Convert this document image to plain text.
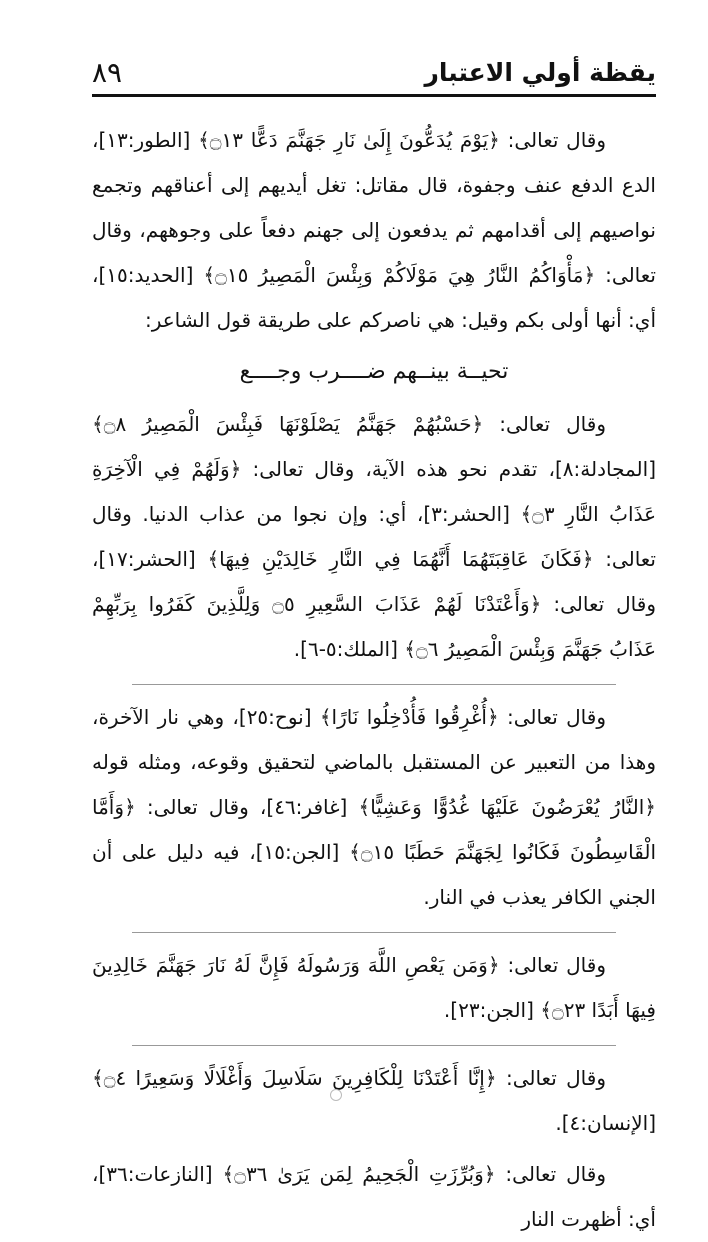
يقظة أولي الاعتبار
٨٩

وقال تعالى: ﴿يَوْمَ يُدَعُّونَ إِلَىٰ نَارِ جَهَنَّمَ دَعًّا ۝١٣﴾ [الطور:١٣]، الدع الدفع عنف وجفوة، قال مقاتل: تغل أيديهم إلى أعناقهم وتجمع نواصيهم إلى أقدامهم ثم يدفعون إلى جهنم دفعاً على وجوههم، وقال تعالى: ﴿مَأْوَاكُمُ النَّارُ هِيَ مَوْلَاكُمْ وَبِئْسَ الْمَصِيرُ ۝١٥﴾ [الحديد:١٥]، أي: أنها أولى بكم وقيل: هي ناصركم على طريقة قول الشاعر:

تحيــة بينــهم ضــــرب وجــــع

وقال تعالى: ﴿حَسْبُهُمْ جَهَنَّمُ يَصْلَوْنَهَا فَبِئْسَ الْمَصِيرُ ۝٨﴾ [المجادلة:٨]، تقدم نحو هذه الآية، وقال تعالى: ﴿وَلَهُمْ فِي الْآخِرَةِ عَذَابُ النَّارِ ۝٣﴾ [الحشر:٣]، أي: وإن نجوا من عذاب الدنيا. وقال تعالى: ﴿فَكَانَ عَاقِبَتَهُمَا أَنَّهُمَا فِي النَّارِ خَالِدَيْنِ فِيهَا﴾ [الحشر:١٧]، وقال تعالى: ﴿وَأَعْتَدْنَا لَهُمْ عَذَابَ السَّعِيرِ ۝٥ وَلِلَّذِينَ كَفَرُوا بِرَبِّهِمْ عَذَابُ جَهَنَّمَ وَبِئْسَ الْمَصِيرُ ۝٦﴾ [الملك:٥-٦].

وقال تعالى: ﴿أُغْرِقُوا فَأُدْخِلُوا نَارًا﴾ [نوح:٢٥]، وهي نار الآخرة، وهذا من التعبير عن المستقبل بالماضي لتحقيق وقوعه، ومثله قوله ﴿النَّارُ يُعْرَضُونَ عَلَيْهَا غُدُوًّا وَعَشِيًّا﴾ [غافر:٤٦]، وقال تعالى: ﴿وَأَمَّا الْقَاسِطُونَ فَكَانُوا لِجَهَنَّمَ حَطَبًا ۝١٥﴾ [الجن:١٥]، فيه دليل على أن الجني الكافر يعذب في النار.

وقال تعالى: ﴿وَمَن يَعْصِ اللَّهَ وَرَسُولَهُ فَإِنَّ لَهُ نَارَ جَهَنَّمَ خَالِدِينَ فِيهَا أَبَدًا ۝٢٣﴾ [الجن:٢٣].

وقال تعالى: ﴿إِنَّا أَعْتَدْنَا لِلْكَافِرِينَ سَلَاسِلَ وَأَغْلَالًا وَسَعِيرًا ۝٤﴾ [الإنسان:٤].

وقال تعالى: ﴿وَبُرِّزَتِ الْجَحِيمُ لِمَن يَرَىٰ ۝٣٦﴾ [النازعات:٣٦]، أي: أظهرت النار
